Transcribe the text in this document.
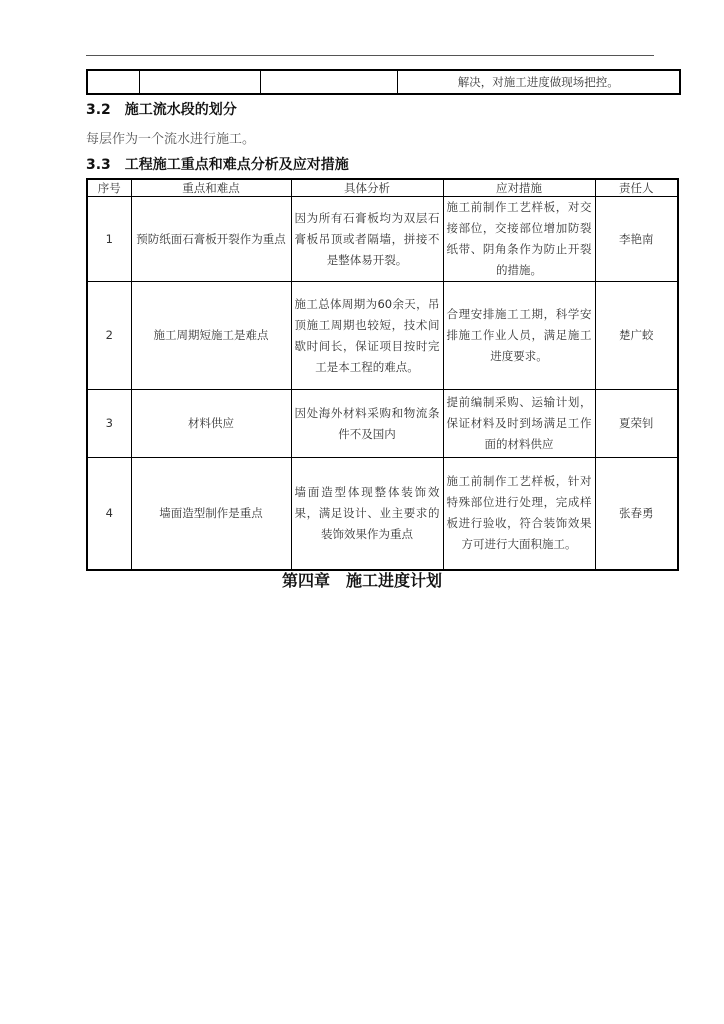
			解决，对施工进度做现场把控。
3.2　施工流水段的划分
每层作为一个流水进行施工。
3.3　工程施工重点和难点分析及应对措施
序号	重点和难点	具体分析	应对措施	责任人
1	预防纸面石膏板开裂作为重点	因为所有石膏板均为双层石膏板吊顶或者隔墙，拼接不是整体易开裂。	施工前制作工艺样板，对交接部位，交接部位增加防裂纸带、阴角条作为防止开裂的措施。	李艳南
2	施工周期短施工是难点	施工总体周期为60余天，吊顶施工周期也较短，技术间歇时间长，保证项目按时完工是本工程的难点。	合理安排施工工期，科学安排施工作业人员，满足施工进度要求。	楚广蛟
3	材料供应	因处海外材料采购和物流条件不及国内	提前编制采购、运输计划，保证材料及时到场满足工作面的材料供应	夏荣钊
4	墙面造型制作是重点	墙面造型体现整体装饰效果，满足设计、业主要求的装饰效果作为重点	施工前制作工艺样板，针对特殊部位进行处理，完成样板进行验收，符合装饰效果方可进行大面积施工。	张春勇
第四章　施工进度计划
